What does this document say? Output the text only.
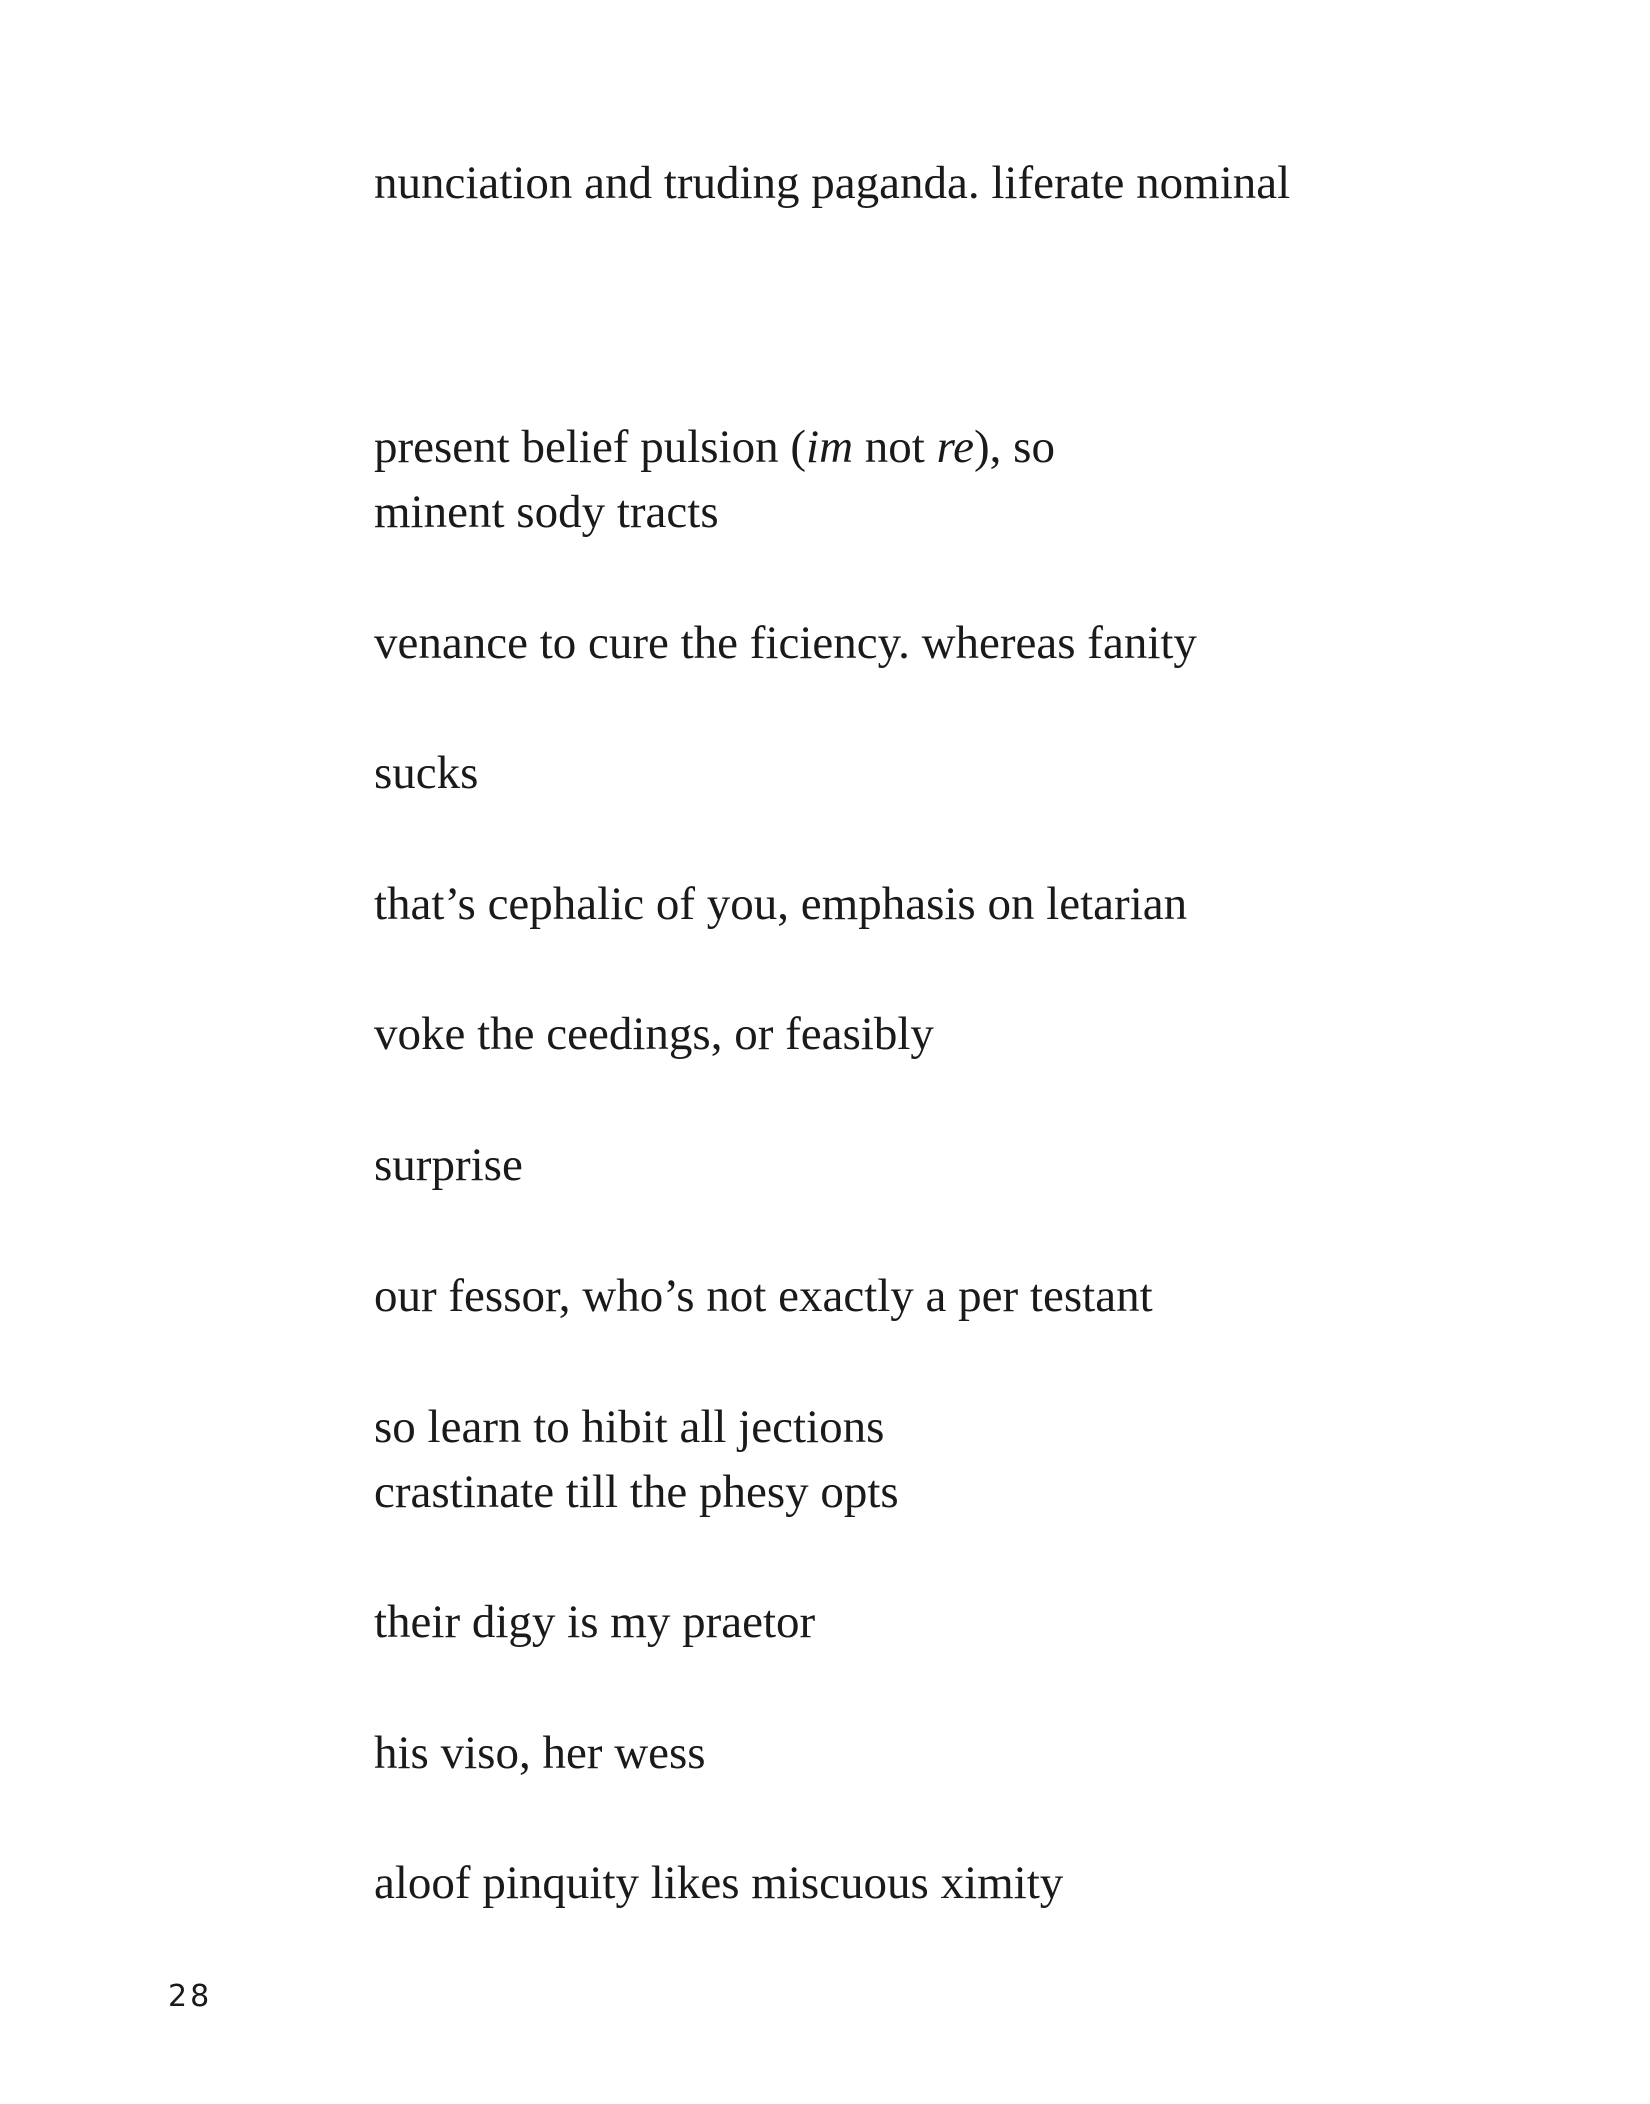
nunciation and truding paganda. liferate nominal
present belief pulsion (im not re), so
minent sody tracts
venance to cure the ficiency. whereas fanity
sucks
that’s cephalic of you, emphasis on letarian
voke the ceedings, or feasibly
surprise
our fessor, who’s not exactly a per testant
so learn to hibit all jections
crastinate till the phesy opts
their digy is my praetor
his viso, her wess
aloof pinquity likes miscuous ximity
28
